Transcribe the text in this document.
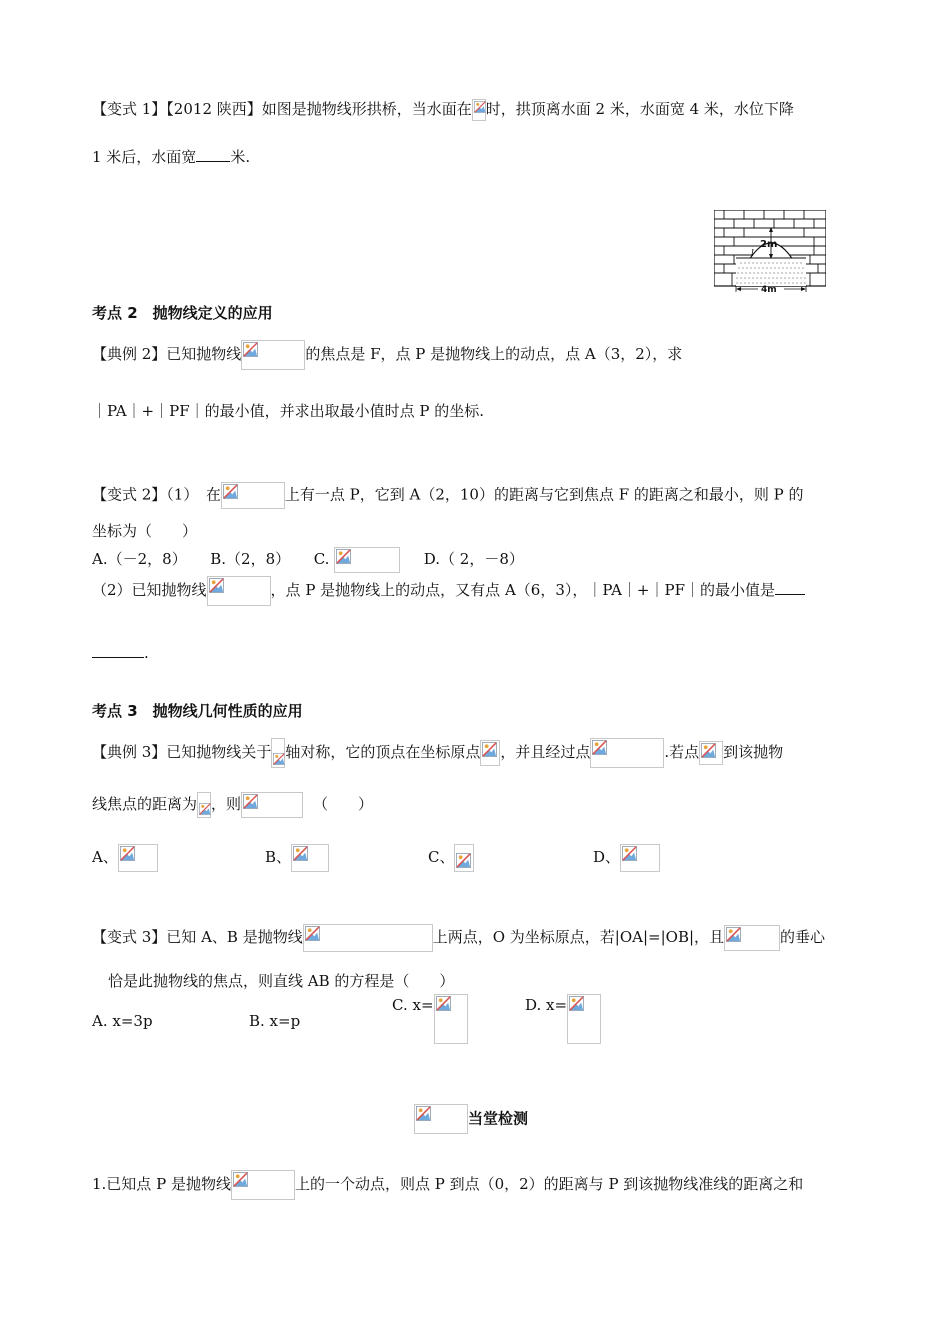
【变式 1】【2012 陕西】如图是抛物线形拱桥，当水面在 时，拱顶离水面 2 米，水面宽 4 米，水位下降
1 米后，水面宽 米.
2m
l
4m
考点 2　抛物线定义的应用
【典例 2】已知抛物线	的焦点是 F，点 P 是抛物线上的动点，点 A（3，2），求
｜PA｜+｜PF｜的最小值，并求出取最小值时点 P 的坐标.
【变式 2】（1）　在	上有一点 P，它到 A（2，10）的距离与它到焦点 F 的距离之和最小，则 P 的
坐标为（　　）
A.（－2，8） B.（2，8） C.	D.（ 2，－8）
（2）已知抛物线	，点 P 是抛物线上的动点，又有点 A（6，3），｜PA｜+｜PF｜的最小值是
.
考点 3　抛物线几何性质的应用
【典例 3】已知抛物线关于 轴对称，它的顶点在坐标原点 ，并且经过点	.若点 到该抛物
线焦点的距离为 ，则	（　　）
A、	B、	C、	D、
【变式 3】已知 A、B 是抛物线	上两点，O 为坐标原点，若|OA|=|OB|，且	的垂心
恰是此抛物线的焦点，则直线 AB 的方程是（　　）
A. x=3p	B. x=p
C. x=	D. x=
当堂检测
1.已知点 P 是抛物线	上的一个动点，则点 P 到点（0，2）的距离与 P 到该抛物线准线的距离之和
